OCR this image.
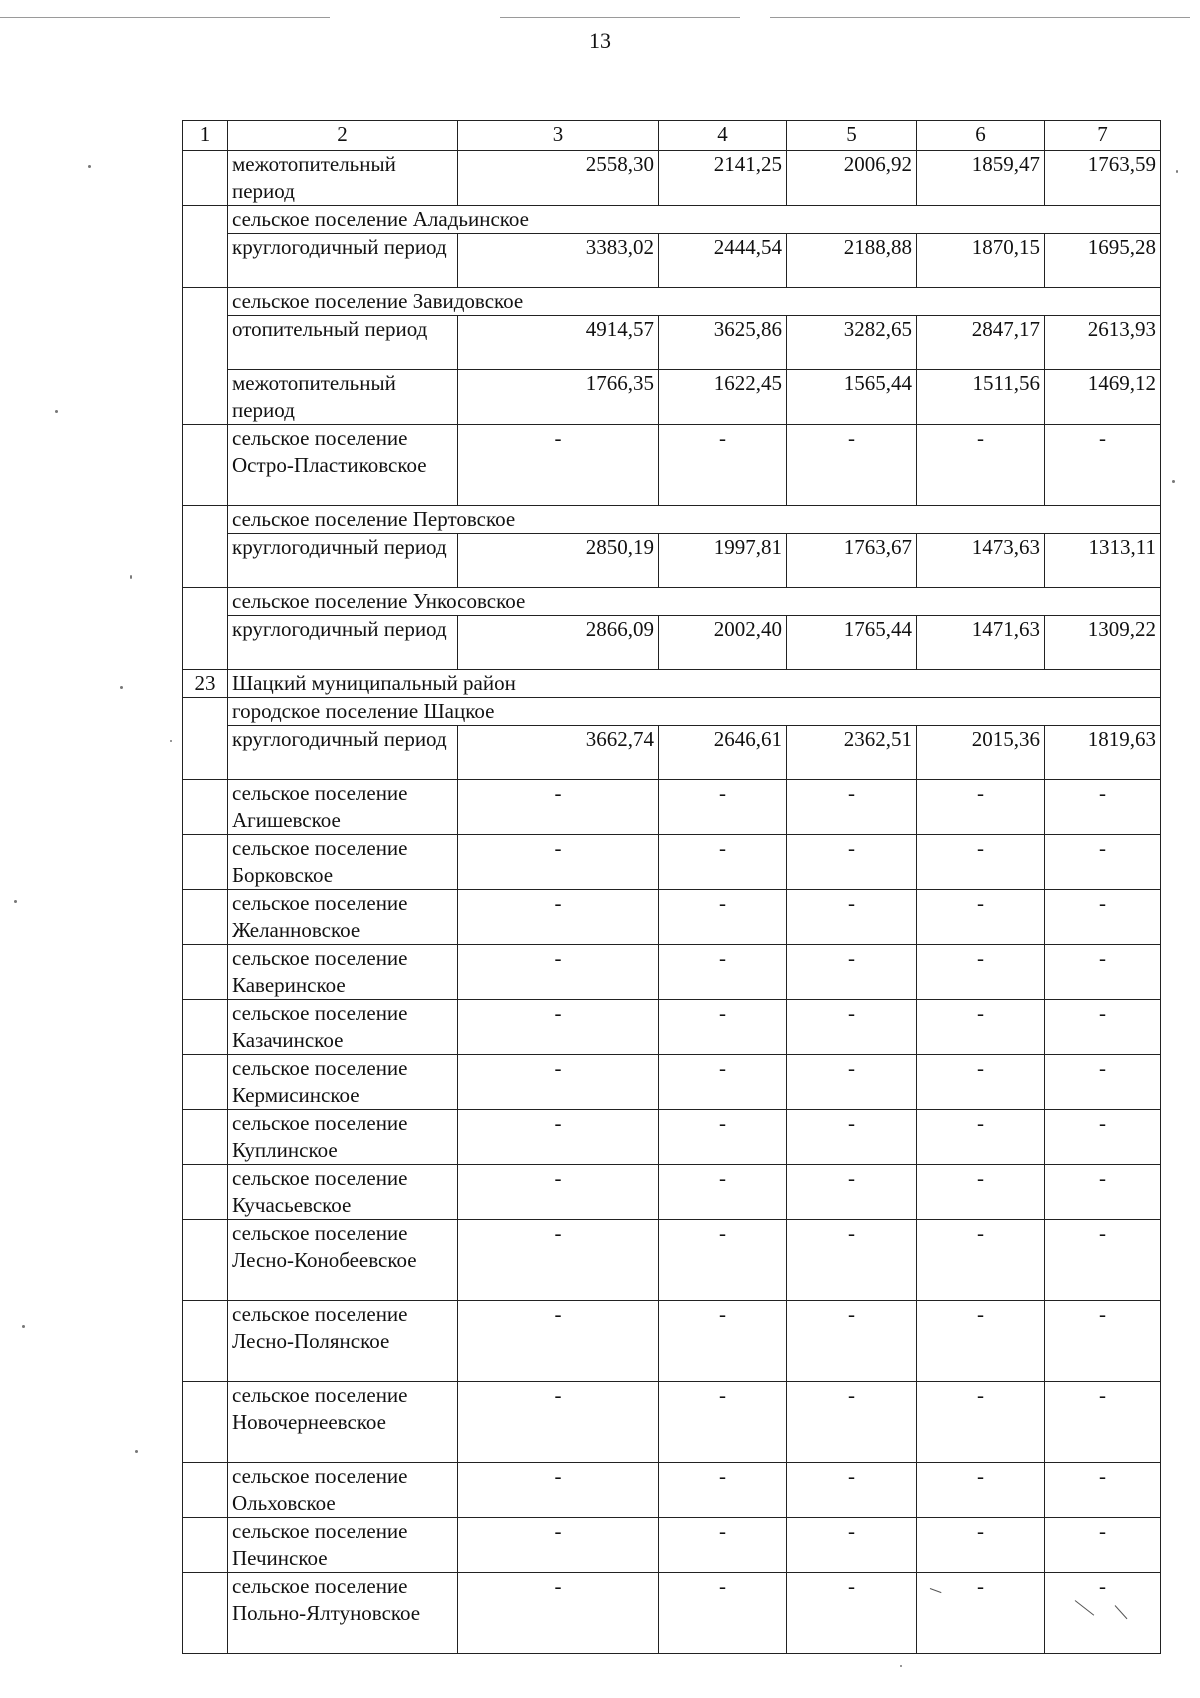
13
1	2	3	4	5	6	7
	межотопительный период	2558,30	2141,25	2006,92	1859,47	1763,59
	сельское поселение Аладьинское					
	круглогодичный период	3383,02	2444,54	2188,88	1870,15	1695,28
	сельское поселение Завидовское					
	отопительный период	4914,57	3625,86	3282,65	2847,17	2613,93
	межотопительный период	1766,35	1622,45	1565,44	1511,56	1469,12
	сельское поселение Остро-Пластиковское	-	-	-	-	-
	сельское поселение Пертовское					
	круглогодичный период	2850,19	1997,81	1763,67	1473,63	1313,11
	сельское поселение Ункосовское					
	круглогодичный период	2866,09	2002,40	1765,44	1471,63	1309,22
23	Шацкий муниципальный район					
	городское поселение Шацкое					
	круглогодичный период	3662,74	2646,61	2362,51	2015,36	1819,63
	сельское поселение Агишевское	-	-	-	-	-
	сельское поселение Борковское	-	-	-	-	-
	сельское поселение Желанновское	-	-	-	-	-
	сельское поселение Каверинское	-	-	-	-	-
	сельское поселение Казачинское	-	-	-	-	-
	сельское поселение Кермисинское	-	-	-	-	-
	сельское поселение Куплинское	-	-	-	-	-
	сельское поселение Кучасьевское	-	-	-	-	-
	сельское поселение Лесно-Конобеевское	-	-	-	-	-
	сельское поселение Лесно-Полянское	-	-	-	-	-
	сельское поселение Новочернеевское	-	-	-	-	-
	сельское поселение Ольховское	-	-	-	-	-
	сельское поселение Печинское	-	-	-	-	-
	сельское поселение Польно-Ялтуновское	-	-	-	-	-
